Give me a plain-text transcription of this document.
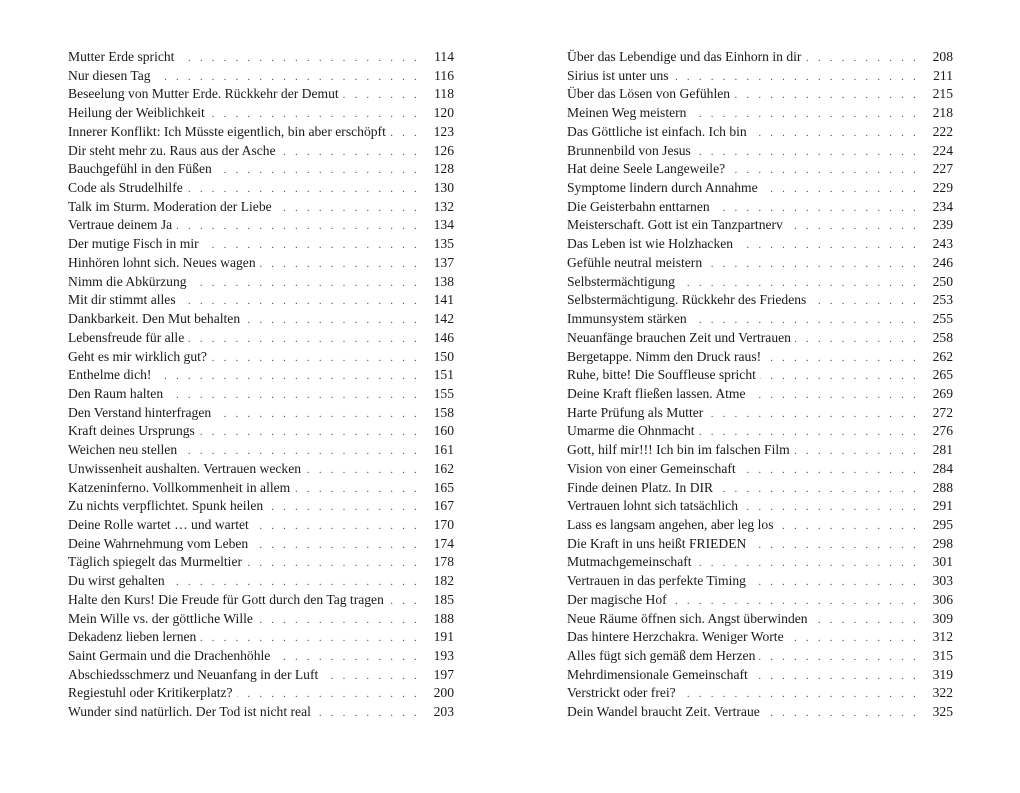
Mutter Erde spricht . . .	114
Nur diesen Tag . . .	116
Beseelung von Mutter Erde. Rückkehr der Demut . . .	118
Heilung der Weiblichkeit . . .	120
Innerer Konflikt: Ich Müsste eigentlich, bin aber erschöpft . . .	123
Dir steht mehr zu. Raus aus der Asche . . .	126
Bauchgefühl in den Füßen . . .	128
Code als Strudelhilfe . . .	130
Talk im Sturm. Moderation der Liebe . . .	132
Vertraue deinem Ja . . .	134
Der mutige Fisch in mir . . .	135
Hinhören lohnt sich. Neues wagen . . .	137
Nimm die Abkürzung . . .	138
Mit dir stimmt alles . . .	141
Dankbarkeit. Den Mut behalten . . .	142
Lebensfreude für alle . . .	146
Geht es mir wirklich gut? . . .	150
Enthelme dich! . . .	151
Den Raum halten . . .	155
Den Verstand hinterfragen . . .	158
Kraft deines Ursprungs . . .	160
Weichen neu stellen . . .	161
Unwissenheit aushalten. Vertrauen wecken . . .	162
Katzeninferno. Vollkommenheit in allem . . .	165
Zu nichts verpflichtet. Spunk heilen . . .	167
Deine Rolle wartet … und wartet . . .	170
Deine Wahrnehmung vom Leben . . .	174
Täglich spiegelt das Murmeltier . . .	178
Du wirst gehalten . . .	182
Halte den Kurs! Die Freude für Gott durch den Tag tragen . . .	185
Mein Wille vs. der göttliche Wille . . .	188
Dekadenz lieben lernen . . .	191
Saint Germain und die Drachenhöhle . . .	193
Abschiedsschmerz und Neuanfang in der Luft . . .	197
Regiestuhl oder Kritikerplatz? . . .	200
Wunder sind natürlich. Der Tod ist nicht real . . .	203
Über das Lebendige und das Einhorn in dir . . .	208
Sirius ist unter uns . . .	211
Über das Lösen von Gefühlen . . .	215
Meinen Weg meistern . . .	218
Das Göttliche ist einfach. Ich bin . . .	222
Brunnenbild von Jesus . . .	224
Hat deine Seele Langeweile? . . .	227
Symptome lindern durch Annahme . . .	229
Die Geisterbahn enttarnen . . .	234
Meisterschaft. Gott ist ein Tanzpartnerv . . .	239
Das Leben ist wie Holzhacken . . .	243
Gefühle neutral meistern . . .	246
Selbstermächtigung . . .	250
Selbstermächtigung. Rückkehr des Friedens . . .	253
Immunsystem stärken . . .	255
Neuanfänge brauchen Zeit und Vertrauen . . .	258
Bergetappe. Nimm den Druck raus! . . .	262
Ruhe, bitte! Die Souffleuse spricht . . .	265
Deine Kraft fließen lassen. Atme . . .	269
Harte Prüfung als Mutter . . .	272
Umarme die Ohnmacht . . .	276
Gott, hilf mir!!! Ich bin im falschen Film . . .	281
Vision von einer Gemeinschaft . . .	284
Finde deinen Platz. In DIR . . .	288
Vertrauen lohnt sich tatsächlich . . .	291
Lass es langsam angehen, aber leg los . . .	295
Die Kraft in uns heißt FRIEDEN . . .	298
Mutmachgemeinschaft . . .	301
Vertrauen in das perfekte Timing . . .	303
Der magische Hof . . .	306
Neue Räume öffnen sich. Angst überwinden . . .	309
Das hintere Herzchakra. Weniger Worte . . .	312
Alles fügt sich gemäß dem Herzen . . .	315
Mehrdimensionale Gemeinschaft . . .	319
Verstrickt oder frei? . . .	322
Dein Wandel braucht Zeit. Vertraue . . .	325
